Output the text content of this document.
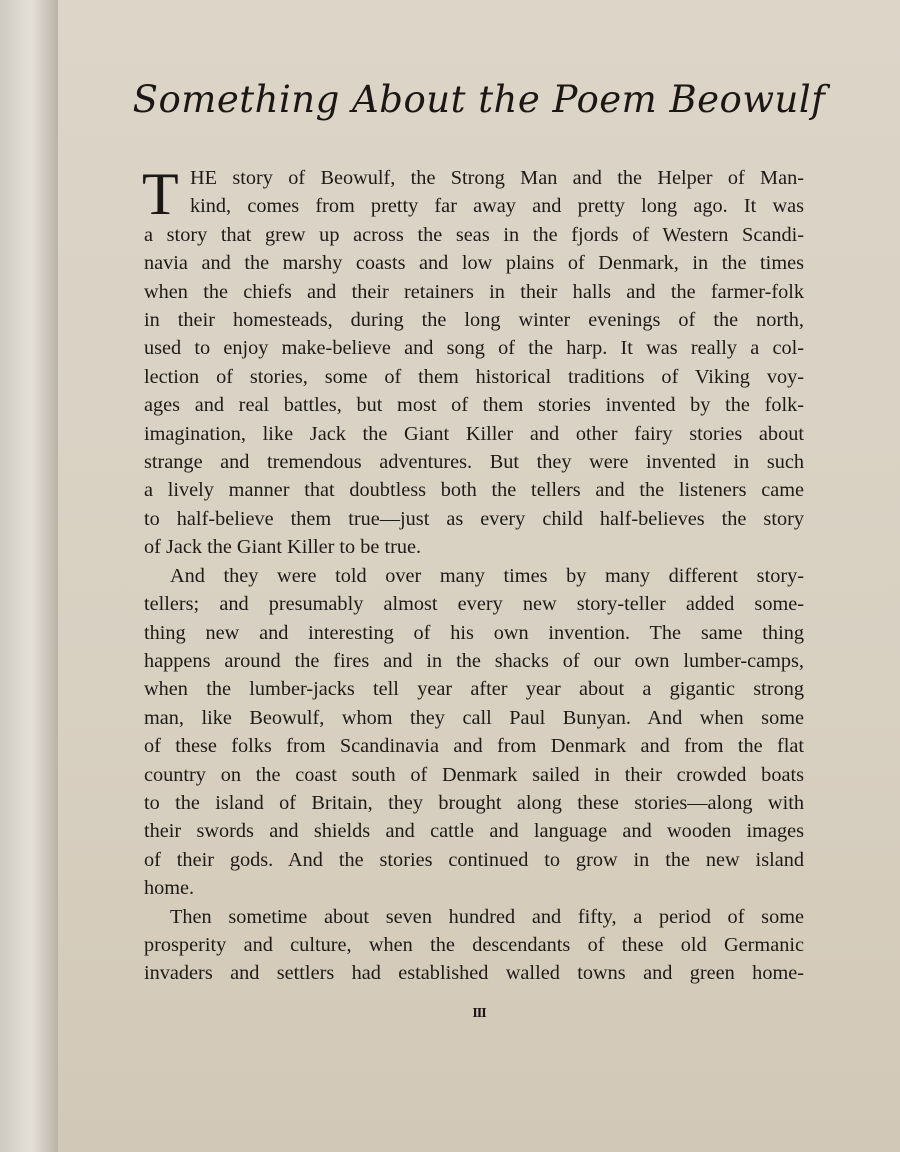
Something About the Poem Beowulf
T HE story of Beowulf, the Strong Man and the Helper of Man-
kind, comes from pretty far away and pretty long ago. It was
a story that grew up across the seas in the fjords of Western Scandi-
navia and the marshy coasts and low plains of Denmark, in the times
when the chiefs and their retainers in their halls and the farmer-folk
in their homesteads, during the long winter evenings of the north,
used to enjoy make-believe and song of the harp. It was really a col-
lection of stories, some of them historical traditions of Viking voy-
ages and real battles, but most of them stories invented by the folk-
imagination, like Jack the Giant Killer and other fairy stories about
strange and tremendous adventures. But they were invented in such
a lively manner that doubtless both the tellers and the listeners came
to half-believe them true—just as every child half-believes the story
of Jack the Giant Killer to be true.
And they were told over many times by many different story-
tellers; and presumably almost every new story-teller added some-
thing new and interesting of his own invention. The same thing
happens around the fires and in the shacks of our own lumber-camps,
when the lumber-jacks tell year after year about a gigantic strong
man, like Beowulf, whom they call Paul Bunyan. And when some
of these folks from Scandinavia and from Denmark and from the flat
country on the coast south of Denmark sailed in their crowded boats
to the island of Britain, they brought along these stories—along with
their swords and shields and cattle and language and wooden images
of their gods. And the stories continued to grow in the new island
home.
Then sometime about seven hundred and fifty, a period of some
prosperity and culture, when the descendants of these old Germanic
invaders and settlers had established walled towns and green home-
III
